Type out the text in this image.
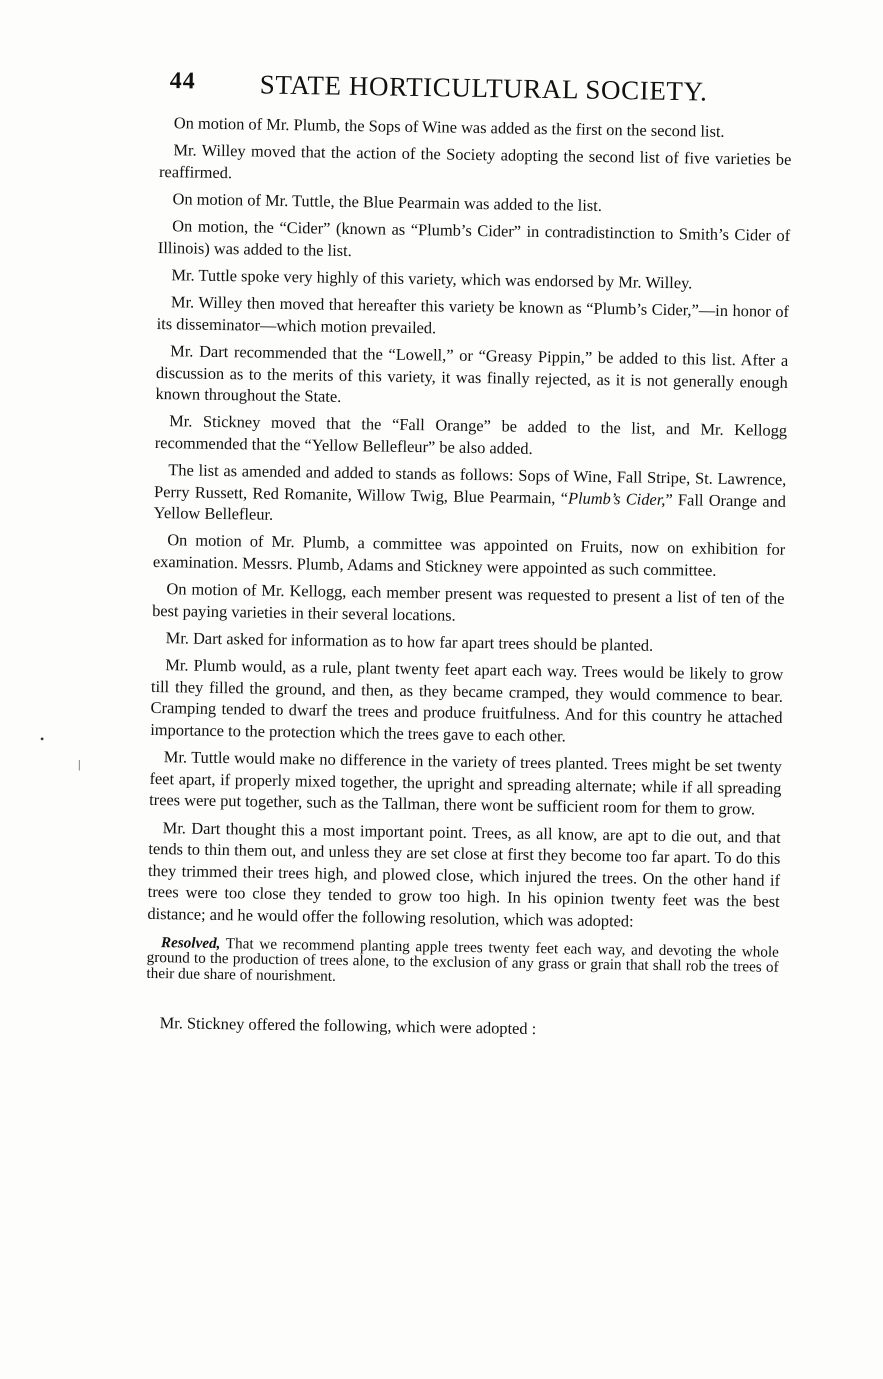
44 STATE HORTICULTURAL SOCIETY.
•
|

On motion of Mr. Plumb, the Sops of Wine was added as the first on the second list.

Mr. Willey moved that the action of the Society adopting the second list of five varieties be reaffirmed.

On motion of Mr. Tuttle, the Blue Pearmain was added to the list.

On motion, the “Cider” (known as “Plumb’s Cider” in contradistinction to Smith’s Cider of Illinois) was added to the list.

Mr. Tuttle spoke very highly of this variety, which was endorsed by Mr. Willey.

Mr. Willey then moved that hereafter this variety be known as “Plumb’s Cider,”—in honor of its disseminator—which motion prevailed.

Mr. Dart recommended that the “Lowell,” or “Greasy Pippin,” be added to this list. After a discussion as to the merits of this variety, it was finally rejected, as it is not generally enough known throughout the State.

Mr. Stickney moved that the “Fall Orange” be added to the list, and Mr. Kellogg recommended that the “Yellow Bellefleur” be also added.

The list as amended and added to stands as follows: Sops of Wine, Fall Stripe, St. Lawrence, Perry Russett, Red Romanite, Willow Twig, Blue Pearmain, “Plumb’s Cider,” Fall Orange and Yellow Bellefleur.

On motion of Mr. Plumb, a committee was appointed on Fruits, now on exhibition for examination. Messrs. Plumb, Adams and Stickney were appointed as such committee.

On motion of Mr. Kellogg, each member present was requested to present a list of ten of the best paying varieties in their several locations.

Mr. Dart asked for information as to how far apart trees should be planted.

Mr. Plumb would, as a rule, plant twenty feet apart each way. Trees would be likely to grow till they filled the ground, and then, as they became cramped, they would commence to bear. Cramping tended to dwarf the trees and produce fruitfulness. And for this country he attached importance to the protection which the trees gave to each other.

Mr. Tuttle would make no difference in the variety of trees planted. Trees might be set twenty feet apart, if properly mixed together, the upright and spreading alternate; while if all spreading trees were put together, such as the Tallman, there wont be sufficient room for them to grow.

Mr. Dart thought this a most important point. Trees, as all know, are apt to die out, and that tends to thin them out, and unless they are set close at first they become too far apart. To do this they trimmed their trees high, and plowed close, which injured the trees. On the other hand if trees were too close they tended to grow too high. In his opinion twenty feet was the best distance; and he would offer the following resolution, which was adopted:

Resolved, That we recommend planting apple trees twenty feet each way, and devoting the whole ground to the production of trees alone, to the exclusion of any grass or grain that shall rob the trees of their due share of nourishment.

Mr. Stickney offered the following, which were adopted :
